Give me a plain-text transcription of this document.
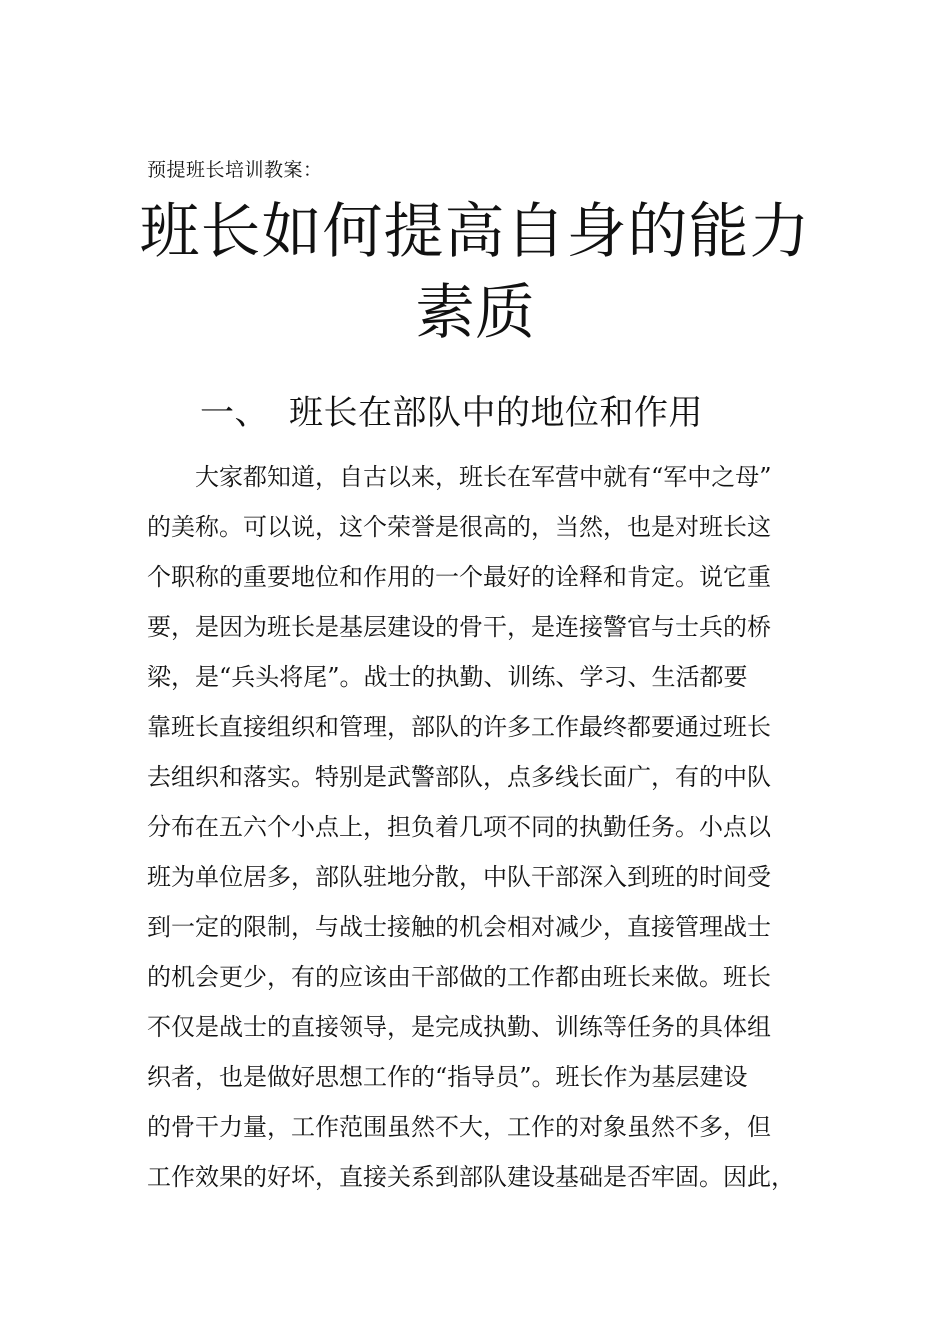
预提班长培训教案：
班长如何提高自身的能力
素质
一、 班长在部队中的地位和作用
　　大家都知道，自古以来，班长在军营中就有“军中之母”
的美称。可以说，这个荣誉是很高的，当然，也是对班长这
个职称的重要地位和作用的一个最好的诠释和肯定。说它重
要，是因为班长是基层建设的骨干，是连接警官与士兵的桥
梁，是“兵头将尾”。战士的执勤、训练、学习、生活都要
靠班长直接组织和管理，部队的许多工作最终都要通过班长
去组织和落实。特别是武警部队，点多线长面广，有的中队
分布在五六个小点上，担负着几项不同的执勤任务。小点以
班为单位居多，部队驻地分散，中队干部深入到班的时间受
到一定的限制，与战士接触的机会相对减少，直接管理战士
的机会更少，有的应该由干部做的工作都由班长来做。班长
不仅是战士的直接领导，是完成执勤、训练等任务的具体组
织者，也是做好思想工作的“指导员”。班长作为基层建设
的骨干力量，工作范围虽然不大，工作的对象虽然不多，但
工作效果的好坏，直接关系到部队建设基础是否牢固。因此，
